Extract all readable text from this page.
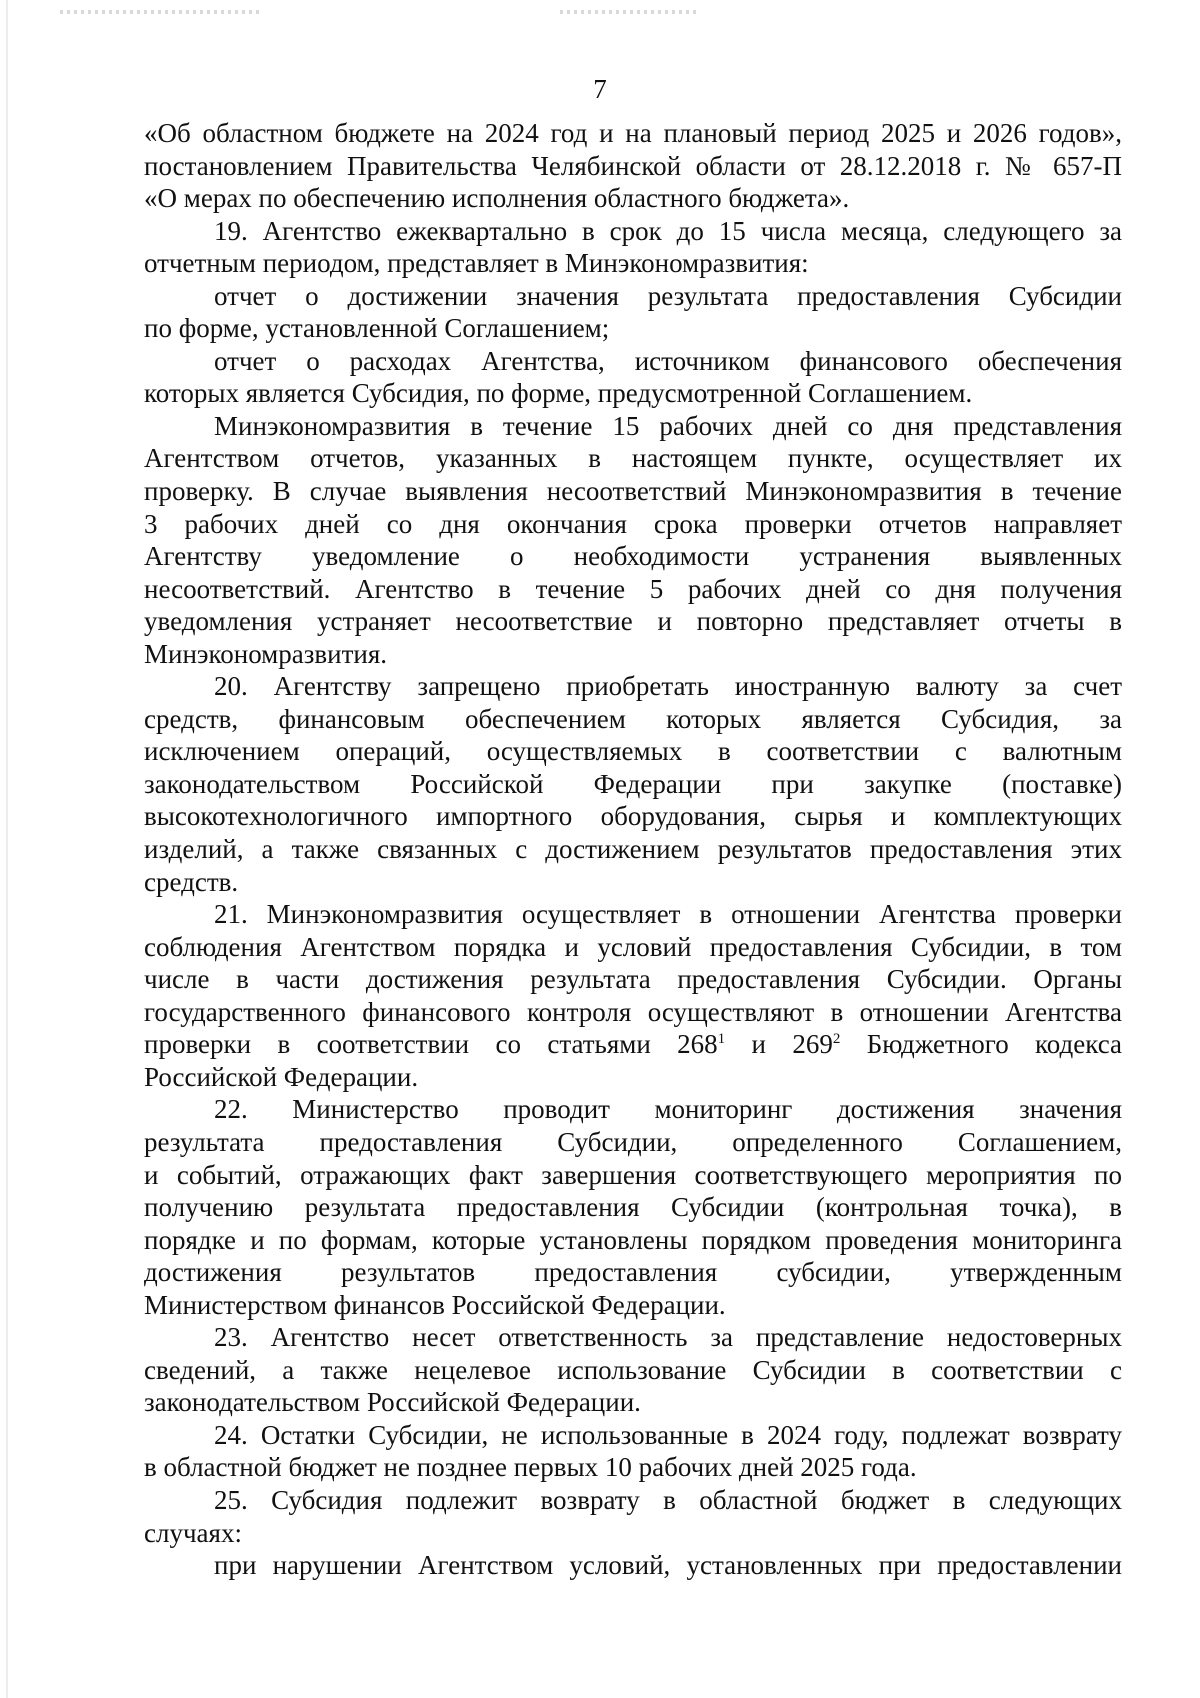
7

«Об областном бюджете на 2024 год и на плановый период 2025 и 2026 годов»,
постановлением Правительства Челябинской области от 28.12.2018 г. № 657-П
«О мерах по обеспечению исполнения областного бюджета».

19. Агентство ежеквартально в срок до 15 числа месяца, следующего за
отчетным периодом, представляет в Минэкономразвития:

отчет о достижении значения результата предоставления Субсидии
по форме, установленной Соглашением;

отчет о расходах Агентства, источником финансового обеспечения
которых является Субсидия, по форме, предусмотренной Соглашением.

Минэкономразвития в течение 15 рабочих дней со дня представления
Агентством отчетов, указанных в настоящем пункте, осуществляет их
проверку. В случае выявления несоответствий Минэкономразвития в течение
3 рабочих дней со дня окончания срока проверки отчетов направляет
Агентству уведомление о необходимости устранения выявленных
несоответствий. Агентство в течение 5 рабочих дней со дня получения
уведомления устраняет несоответствие и повторно представляет отчеты в
Минэкономразвития.

20. Агентству запрещено приобретать иностранную валюту за счет
средств, финансовым обеспечением которых является Субсидия, за
исключением операций, осуществляемых в соответствии с валютным
законодательством Российской Федерации при закупке (поставке)
высокотехнологичного импортного оборудования, сырья и комплектующих
изделий, а также связанных с достижением результатов предоставления этих
средств.

21. Минэкономразвития осуществляет в отношении Агентства проверки
соблюдения Агентством порядка и условий предоставления Субсидии, в том
числе в части достижения результата предоставления Субсидии. Органы
государственного финансового контроля осуществляют в отношении Агентства
проверки в соответствии со статьями $268^1$ и $269^2$ Бюджетного кодекса
Российской Федерации.

22. Министерство проводит мониторинг достижения значения
результата предоставления Субсидии, определенного Соглашением,
и событий, отражающих факт завершения соответствующего мероприятия по
получению результата предоставления Субсидии (контрольная точка), в
порядке и по формам, которые установлены порядком проведения мониторинга
достижения результатов предоставления субсидии, утвержденным
Министерством финансов Российской Федерации.

23. Агентство несет ответственность за представление недостоверных
сведений, а также нецелевое использование Субсидии в соответствии с
законодательством Российской Федерации.

24. Остатки Субсидии, не использованные в 2024 году, подлежат возврату
в областной бюджет не позднее первых 10 рабочих дней 2025 года.

25. Субсидия подлежит возврату в областной бюджет в следующих
случаях:

при нарушении Агентством условий, установленных при предоставлении
